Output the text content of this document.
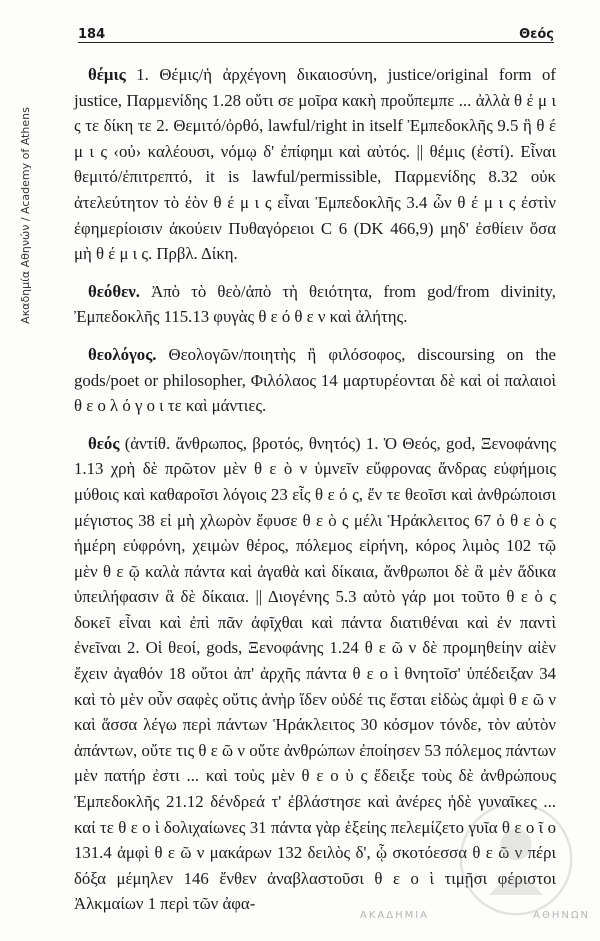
Ακαδημία Αθηνών / Academy of Athens
184	Θεός

θέμις 1. Θέμις/ἡ ἀρχέγονη δικαιοσύνη, justice/original form of justice, Παρμενίδης 1.28 οὔτι σε μοῖρα κακὴ προὔπεμπε ... ἀλλὰ θ έ μ ι ς τε δίκη τε 2. Θεμιτό/ὀρθό, lawful/right in itself Ἐμπεδοκλῆς 9.5 ἣ θ έ μ ι ς ‹οὐ› καλέουσι, νόμῳ δ' ἐπίφημι καὶ αὐτός. || θέμις (ἐστί). Εἶναι θεμιτό/ἐπιτρεπτό, it is lawful/permissible, Παρμενίδης 8.32 οὐκ ἀτελεύτητον τὸ ἐὸν θ έ μ ι ς εἶναι Ἐμπεδοκλῆς 3.4 ὧν θ έ μ ι ς ἐστὶν ἐφημερίοισιν ἀκούειν Πυθαγόρειοι C 6 (DK 466,9) μηδ' ἐσθίειν ὅσα μὴ θ έ μ ι ς. Πρβλ. Δίκη.

θεόθεν. Ἀπὸ τὸ θεὸ/ἀπὸ τὴ θειότητα, from god/from divinity, Ἐμπεδοκλῆς 115.13 φυγὰς θ ε ό θ ε ν καὶ ἀλήτης.

θεολόγος. Θεολογῶν/ποιητὴς ἢ φιλόσοφος, discoursing on the gods/poet or philosopher, Φιλόλαος 14 μαρτυρέονται δὲ καὶ οἱ παλαιοὶ θ ε ο λ ό γ ο ι τε καὶ μάντιες.

θεός (ἀντίθ. ἄνθρωπος, βροτός, θνητός) 1. Ὁ Θεός, god, Ξενοφάνης 1.13 χρὴ δὲ πρῶτον μὲν θ ε ὸ ν ὑμνεῖν εὔφρονας ἄνδρας εὐφήμοις μύθοις καὶ καθαροῖσι λόγοις 23 εἷς θ ε ό ς, ἔν τε θεοῖσι καὶ ἀνθρώποισι μέγιστος 38 εἰ μὴ χλωρὸν ἔφυσε θ ε ὸ ς μέλι Ἡράκλειτος 67 ὁ θ ε ὸ ς ἡμέρη εὐφρόνη, χειμὼν θέρος, πόλεμος εἰρήνη, κόρος λιμὸς 102 τῷ μὲν θ ε ῷ καλὰ πάντα καὶ ἀγαθὰ καὶ δίκαια, ἄνθρωποι δὲ ἃ μὲν ἄδικα ὑπειλήφασιν ἃ δὲ δίκαια. || Διογένης 5.3 αὐτὸ γάρ μοι τοῦτο θ ε ὸ ς δοκεῖ εἶναι καὶ ἐπὶ πᾶν ἀφῖχθαι καὶ πάντα διατιθέναι καὶ ἐν παντὶ ἐνεῖναι 2. Οἱ θεοί, gods, Ξενοφάνης 1.24 θ ε ῶ ν δὲ προμηθείην αἰὲν ἔχειν ἀγαθόν 18 οὔτοι ἀπ' ἀρχῆς πάντα θ ε ο ὶ θνητοῖσ' ὑπέδειξαν 34 καὶ τὸ μὲν οὖν σαφὲς οὔτις ἀνὴρ ἴδεν οὐδέ τις ἔσται εἰδὼς ἀμφὶ θ ε ῶ ν καὶ ἅσσα λέγω περὶ πάντων Ἡράκλειτος 30 κόσμον τόνδε, τὸν αὐτὸν ἁπάντων, οὔτε τις θ ε ῶ ν οὔτε ἀνθρώπων ἐποίησεν 53 πόλεμος πάντων μὲν πατήρ ἐστι ... καὶ τοὺς μὲν θ ε ο ὺ ς ἔδειξε τοὺς δὲ ἀνθρώπους Ἐμπεδοκλῆς 21.12 δένδρεά τ' ἐβλάστησε καὶ ἀνέρες ἠδὲ γυναῖκες ... καί τε θ ε ο ὶ δολιχαίωνες 31 πάντα γὰρ ἑξείης πελεμίζετο γυῖα θ ε ο ῖ ο 131.4 ἀμφὶ θ ε ῶ ν μακάρων 132 δειλὸς δ', ᾧ σκοτόεσσα θ ε ῶ ν πέρι δόξα μέμηλεν 146 ἔνθεν ἀναβλαστοῦσι θ ε ο ὶ τιμῇσι φέριστοι Ἀλκμαίων 1 περὶ τῶν ἀφα-

ΑΚΑΔΗΜΙΑ	ΑΘΗΝΩΝ
